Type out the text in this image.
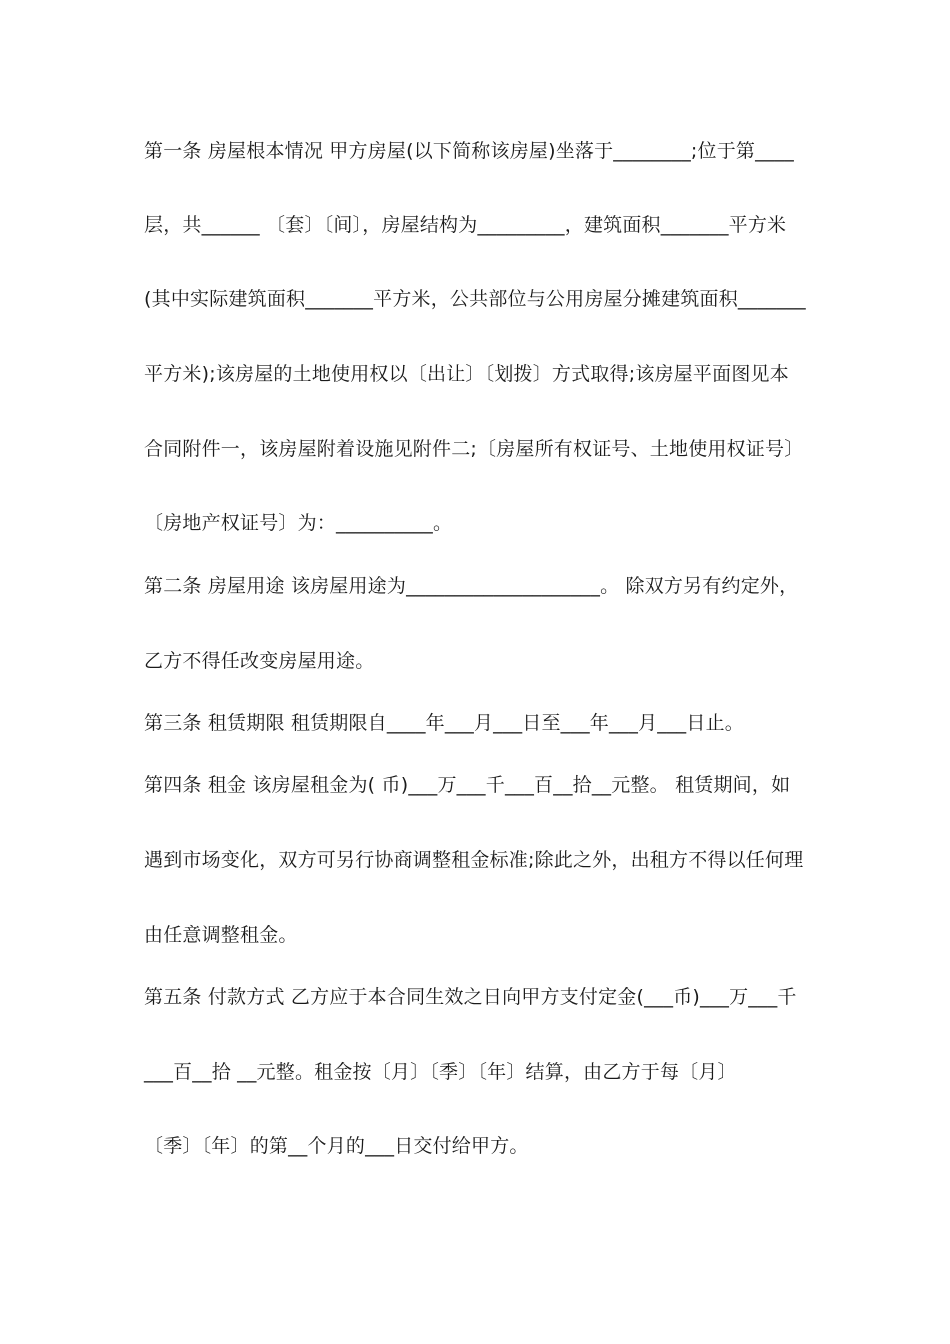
第一条 房屋根本情况 甲方房屋(以下简称该房屋)坐落于________;位于第____
层，共______ 〔套〕〔间〕，房屋结构为_________，建筑面积_______平方米
(其中实际建筑面积_______平方米，公共部位与公用房屋分摊建筑面积_______
平方米);该房屋的土地使用权以〔出让〕〔划拨〕方式取得;该房屋平面图见本
合同附件一，该房屋附着设施见附件二;〔房屋所有权证号、土地使用权证号〕
〔房地产权证号〕为：__________。
第二条 房屋用途 该房屋用途为____________________。 除双方另有约定外，
乙方不得任改变房屋用途。
第三条 租赁期限 租赁期限自____年___月___日至___年___月___日止。
第四条 租金 该房屋租金为( 币)___万___千___百__拾__元整。 租赁期间，如
遇到市场变化，双方可另行协商调整租金标准;除此之外，出租方不得以任何理
由任意调整租金。
第五条 付款方式 乙方应于本合同生效之日向甲方支付定金(___币)___万___千
___百__拾 __元整。租金按〔月〕〔季〕〔年〕结算，由乙方于每〔月〕
〔季〕〔年〕的第__个月的___日交付给甲方。
